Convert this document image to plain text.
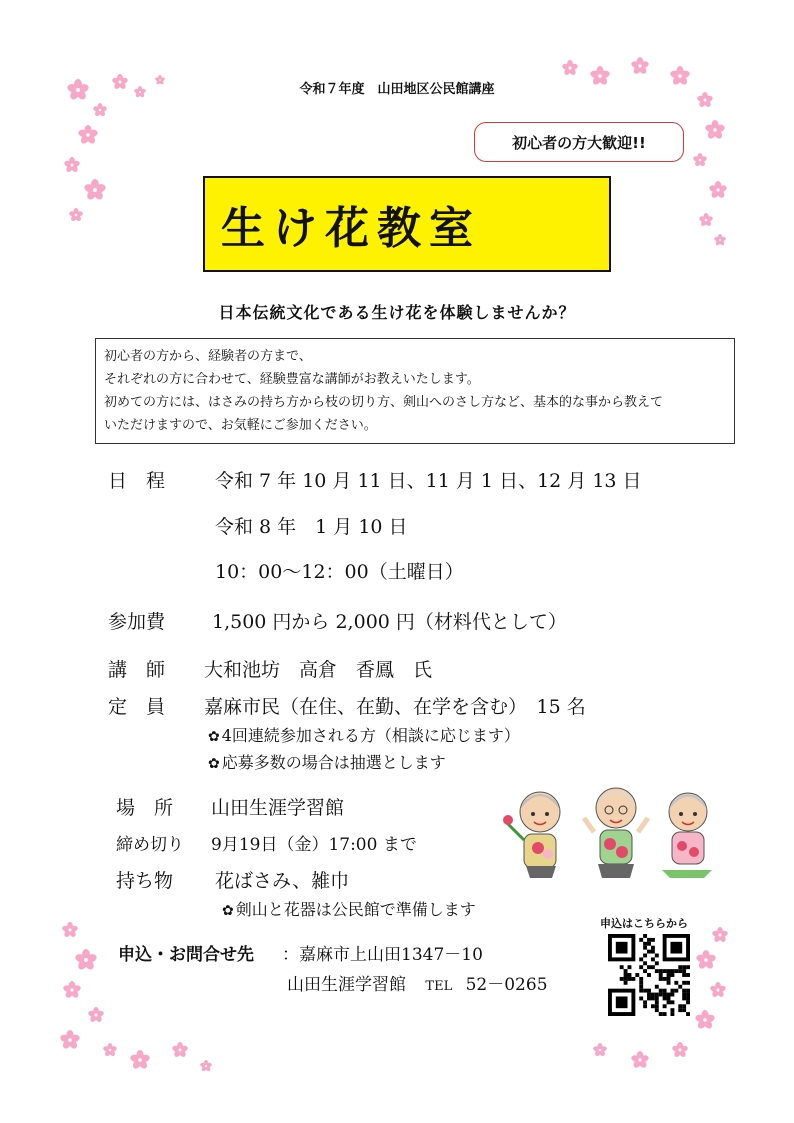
令和７年度　山田地区公民館講座
初心者の方大歓迎!!
生け花教室
日本伝統文化である生け花を体験しませんか？
初心者の方から、経験者の方まで、
それぞれの方に合わせて、経験豊富な講師がお教えいたします。
初めての方には、はさみの持ち方から枝の切り方、剣山へのさし方など、基本的な事から教えて
いただけますので、お気軽にご参加ください。
日　程	令和 7 年 10 月 11 日、11 月 1 日、12 月 13 日
令和 8 年　1 月 10 日
10：00～12：00（土曜日）
参加費 1,500 円から 2,000 円（材料代として）
講　師 大和池坊　高倉　香鳳　氏
定　員 嘉麻市民（在住、在勤、在学を含む）　15 名
✿ 4回連続参加される方（相談に応じます）
✿ 応募多数の場合は抽選とします
場　所 山田生涯学習館
締め切り 9月19日（金）17:00 まで
持ち物 花ばさみ、雑巾
✿ 剣山と花器は公民館で準備します
申込・お問合せ先 ：嘉麻市上山田1347－10
山田生涯学習館 TEL 52－0265
申込はこちらから
